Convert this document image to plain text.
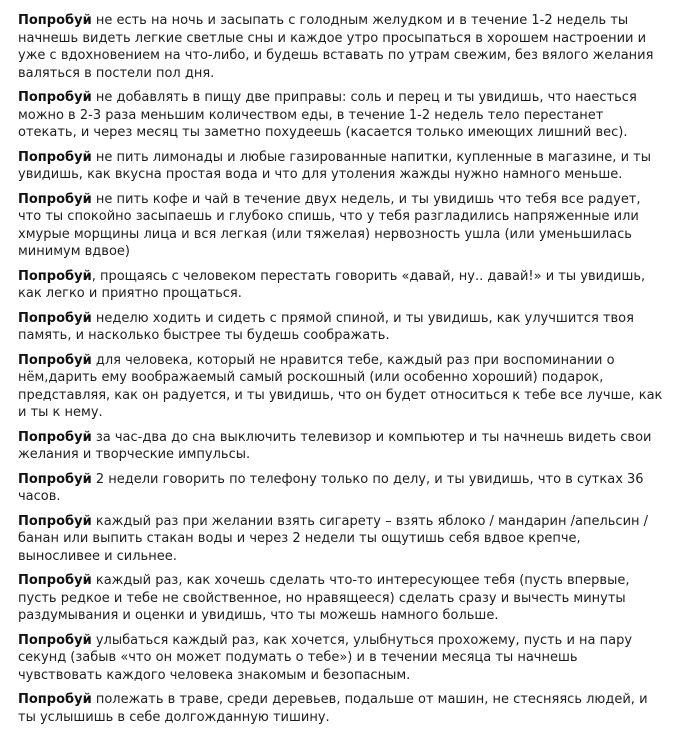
Попробуй не есть на ночь и засыпать с голодным желудком и в течение 1-2 недель ты начнешь видеть легкие светлые сны и каждое утро просыпаться в хорошем настроении и уже с вдохновением на что-либо, и будешь вставать по утрам свежим, без вялого желания валяться в постели пол дня.

Попробуй не добавлять в пищу две приправы: соль и перец и ты увидишь, что наесться можно в 2-3 раза меньшим количеством еды, в течение 1-2 недель тело перестанет отекать, и через месяц ты заметно похудеешь (касается только имеющих лишний вес).

Попробуй не пить лимонады и любые газированные напитки, купленные в магазине, и ты увидишь, как вкусна простая вода и что для утоления жажды нужно намного меньше.

Попробуй не пить кофе и чай в течение двух недель, и ты увидишь что тебя все радует, что ты спокойно засыпаешь и глубоко спишь, что у тебя разгладились напряженные или хмурые морщины лица и вся легкая (или тяжелая) нервозность ушла (или уменьшилась минимум вдвое)

Попробуй, прощаясь с человеком перестать говорить «давай, ну.. давай!» и ты увидишь, как легко и приятно прощаться.

Попробуй неделю ходить и сидеть с прямой спиной, и ты увидишь, как улучшится твоя память, и насколько быстрее ты будешь соображать.

Попробуй для человека, который не нравится тебе, каждый раз при воспоминании о нём,дарить ему воображаемый самый роскошный (или особенно хороший) подарок, представляя, как он радуется, и ты увидишь, что он будет относиться к тебе все лучше, как и ты к нему.

Попробуй за час-два до сна выключить телевизор и компьютер и ты начнешь видеть свои желания и творческие импульсы.

Попробуй 2 недели говорить по телефону только по делу, и ты увидишь, что в сутках 36 часов.

Попробуй каждый раз при желании взять сигарету – взять яблоко / мандарин /апельсин / банан или выпить стакан воды и через 2 недели ты ощутишь себя вдвое крепче, выносливее и сильнее.

Попробуй каждый раз, как хочешь сделать что-то интересующее тебя (пусть впервые, пусть редкое и тебе не свойственное, но нравящееся) сделать сразу и вычесть минуты раздумывания и оценки и увидишь, что ты можешь намного больше.

Попробуй улыбаться каждый раз, как хочется, улыбнуться прохожему, пусть и на пару секунд (забыв «что он может подумать о тебе») и в течении месяца ты начнешь чувствовать каждого человека знакомым и безопасным.

Попробуй полежать в траве, среди деревьев, подальше от машин, не стесняясь людей, и ты услышишь в себе долгожданную тишину.
